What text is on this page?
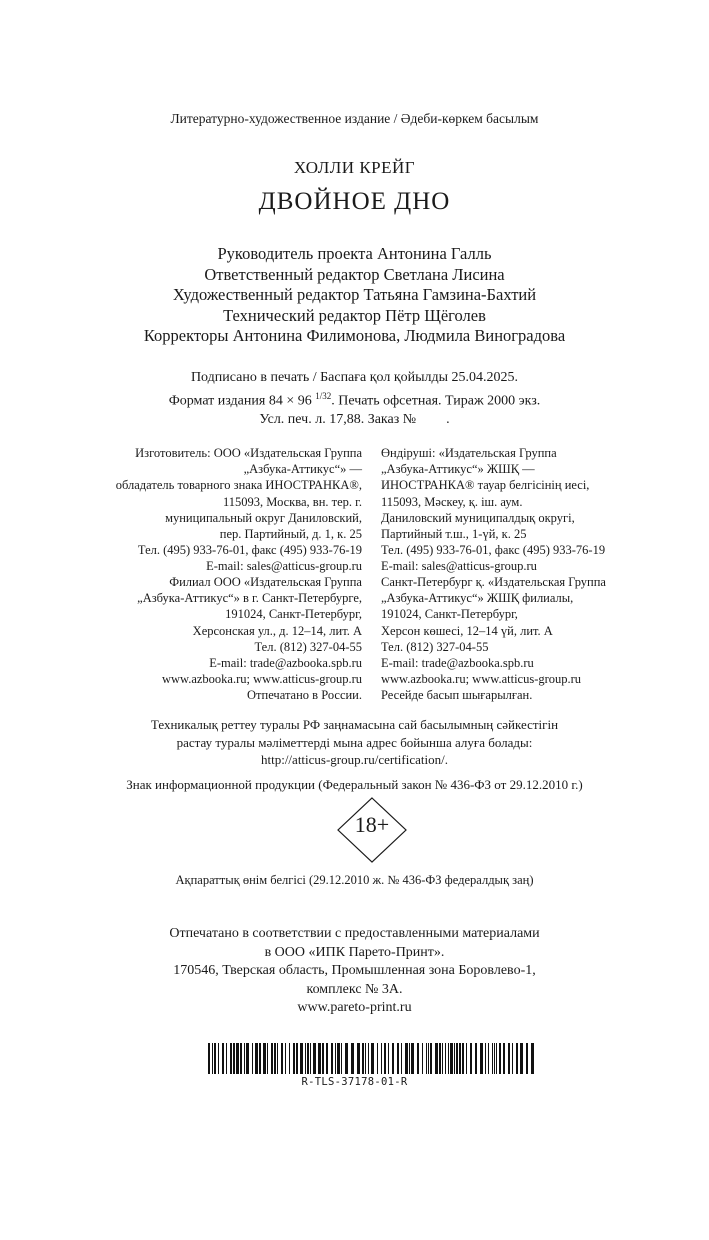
Литературно-художественное издание / Әдеби-көркем басылым
ХОЛЛИ КРЕЙГ
ДВОЙНОЕ ДНО
Руководитель проекта Антонина Галль
Ответственный редактор Светлана Лисина
Художественный редактор Татьяна Гамзина-Бахтий
Технический редактор Пётр Щёголев
Корректоры Антонина Филимонова, Людмила Виноградова
Подписано в печать / Баспаға қол қойылды 25.04.2025.
Формат издания 84 × 96 $^{1/32}$. Печать офсетная. Тираж 2000 экз.
Усл. печ. л. 17,88. Заказ № .
Изготовитель: ООО «Издательская Группа
„Азбука-Аттикус“» —
обладатель товарного знака ИНОСТРАНКА®,
115093, Москва, вн. тер. г.
муниципальный округ Даниловский,
пер. Партийный, д. 1, к. 25
Тел. (495) 933-76-01, факс (495) 933-76-19
E-mail: sales@atticus-group.ru
Өндіруші: «Издательская Группа
„Азбука-Аттикус“» ЖШҚ —
ИНОСТРАНКА® тауар белгісінің иесі,
115093, Мәскеу, қ. іш. аум.
Даниловский муниципалдық округі,
Партийный т.ш., 1-үй, к. 25
Тел. (495) 933-76-01, факс (495) 933-76-19
E-mail: sales@atticus-group.ru
Филиал ООО «Издательская Группа
„Азбука-Аттикус“» в г. Санкт-Петербурге,
191024, Санкт-Петербург,
Херсонская ул., д. 12–14, лит. А
Тел. (812) 327-04-55
E-mail: trade@azbooka.spb.ru
Санкт-Петербург қ. «Издательская Группа
„Азбука-Аттикус“» ЖШҚ филиалы,
191024, Санкт-Петербург,
Херсон көшесі, 12–14 үй, лит. А
Тел. (812) 327-04-55
E-mail: trade@azbooka.spb.ru
www.azbooka.ru; www.atticus-group.ru
Отпечатано в России.
www.azbooka.ru; www.atticus-group.ru
Ресейде басып шығарылған.
Техникалық реттеу туралы РФ заңнамасына сай басылымның сәйкестігін
растау туралы мәліметтерді мына адрес бойынша алуға болады:
http://atticus-group.ru/certification/.
Знак информационной продукции (Федеральный закон № 436-ФЗ от 29.12.2010 г.)
18+
Ақпараттық өнім белгісі (29.12.2010 ж. № 436-ФЗ федералдық заң)
Отпечатано в соответствии с предоставленными материалами
в ООО «ИПК Парето-Принт».
170546, Тверская область, Промышленная зона Боровлево-1,
комплекс № 3А.
www.pareto-print.ru
R-TLS-37178-01-R
